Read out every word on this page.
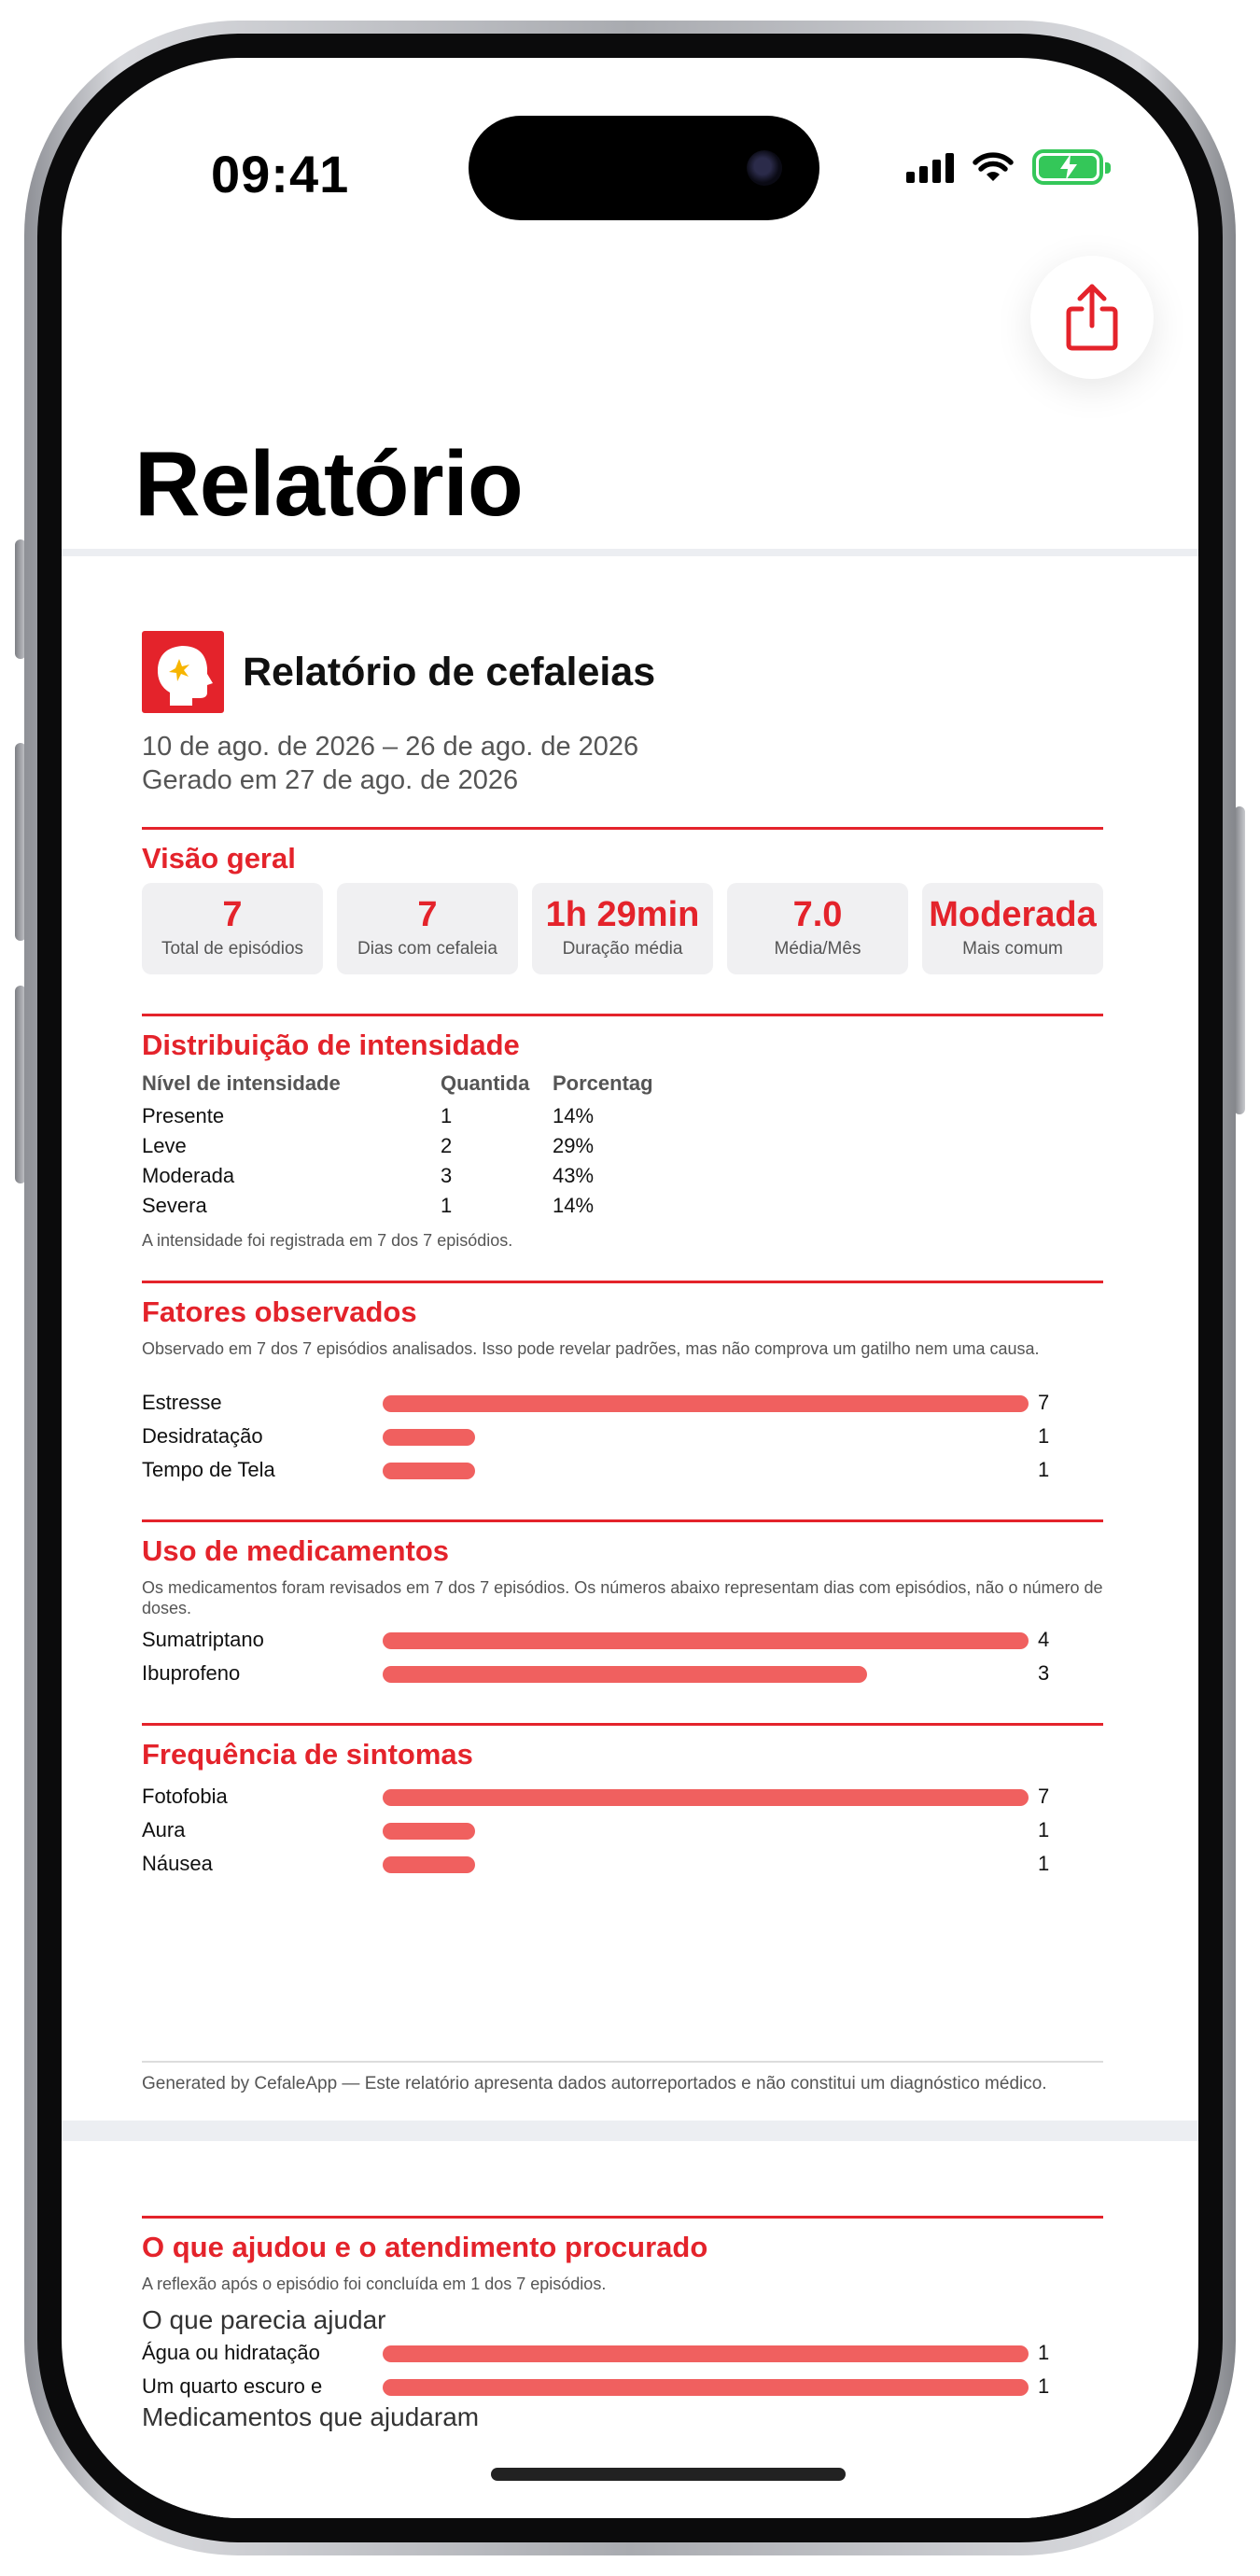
09:41
Relatório
Relatório de cefaleias
10 de ago. de 2026 – 26 de ago. de 2026
Gerado em 27 de ago. de 2026
Visão geral
7
Total de episódios
7
Dias com cefaleia
1h 29min
Duração média
7.0
Média/Mês
Moderada
Mais comum
Distribuição de intensidade
Nível de intensidade	Quantida	Porcentag
Presente	1	14%
Leve	2	29%
Moderada	3	43%
Severa	1	14%
A intensidade foi registrada em 7 dos 7 episódios.
Fatores observados
Observado em 7 dos 7 episódios analisados. Isso pode revelar padrões, mas não comprova um gatilho nem uma causa.
Estresse	7
Desidratação	1
Tempo de Tela	1
Uso de medicamentos
Os medicamentos foram revisados em 7 dos 7 episódios. Os números abaixo representam dias com episódios, não o número de doses.
Sumatriptano	4
Ibuprofeno	3
Frequência de sintomas
Fotofobia	7
Aura	1
Náusea	1
Generated by CefaleApp — Este relatório apresenta dados autorreportados e não constitui um diagnóstico médico.
O que ajudou e o atendimento procurado
A reflexão após o episódio foi concluída em 1 dos 7 episódios.
O que parecia ajudar
Água ou hidratação	1
Um quarto escuro e	1
Medicamentos que ajudaram
